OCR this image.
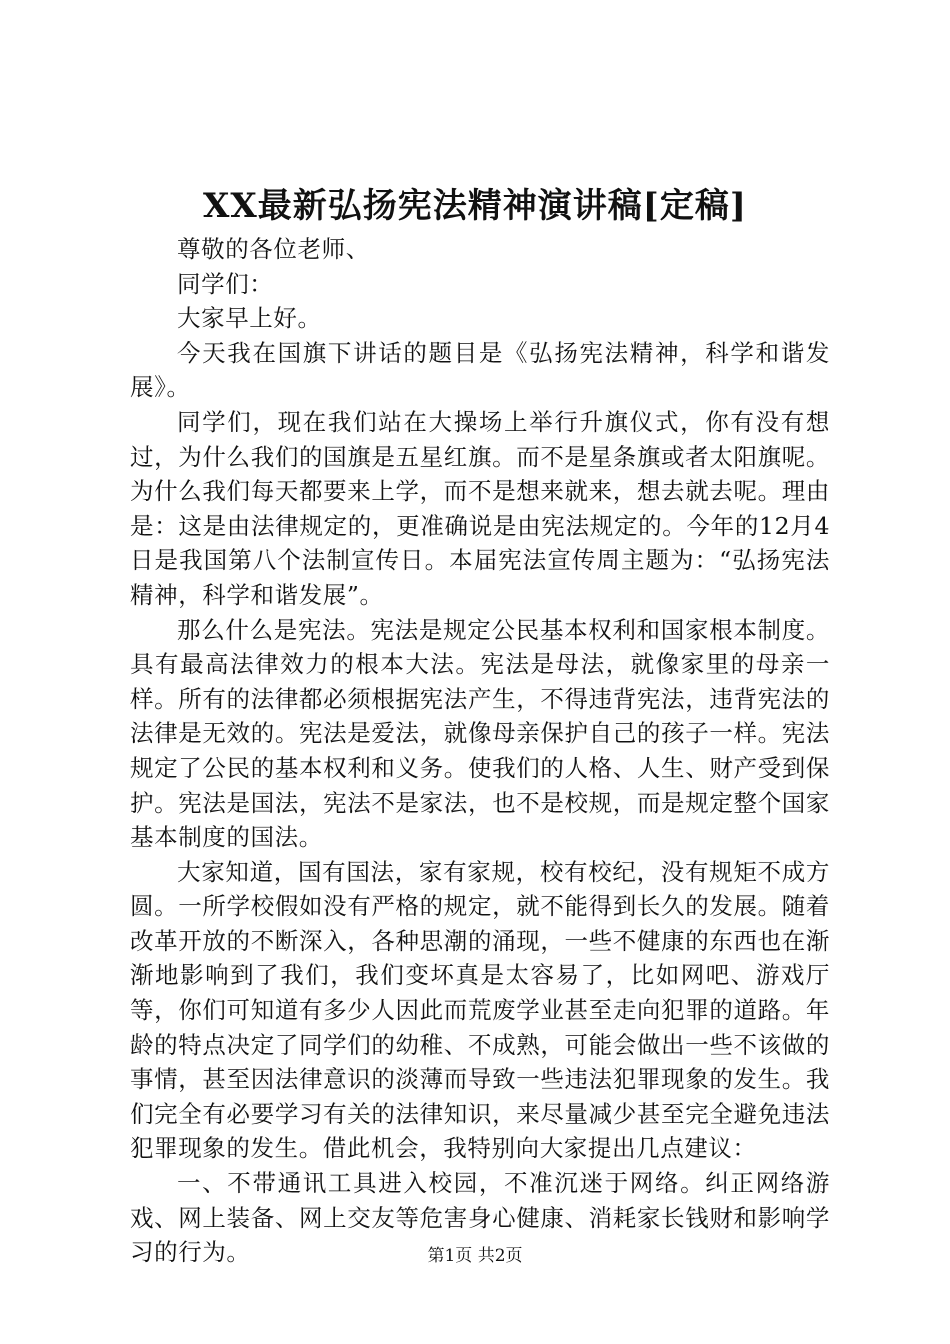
XX最新弘扬宪法精神演讲稿[定稿]

尊敬的各位老师、

同学们：

大家早上好。

今天我在国旗下讲话的题目是《弘扬宪法精神，科学和谐发展》。

同学们，现在我们站在大操场上举行升旗仪式，你有没有想过，为什么我们的国旗是五星红旗。而不是星条旗或者太阳旗呢。为什么我们每天都要来上学，而不是想来就来，想去就去呢。理由是：这是由法律规定的，更准确说是由宪法规定的。今年的12月4日是我国第八个法制宣传日。本届宪法宣传周主题为：“弘扬宪法精神，科学和谐发展”。

那么什么是宪法。宪法是规定公民基本权利和国家根本制度。具有最高法律效力的根本大法。宪法是母法，就像家里的母亲一样。所有的法律都必须根据宪法产生，不得违背宪法，违背宪法的法律是无效的。宪法是爱法，就像母亲保护自己的孩子一样。宪法规定了公民的基本权利和义务。使我们的人格、人生、财产受到保护。宪法是国法，宪法不是家法，也不是校规，而是规定整个国家基本制度的国法。

大家知道，国有国法，家有家规，校有校纪，没有规矩不成方圆。一所学校假如没有严格的规定，就不能得到长久的发展。随着改革开放的不断深入，各种思潮的涌现，一些不健康的东西也在渐渐地影响到了我们，我们变坏真是太容易了，比如网吧、游戏厅等，你们可知道有多少人因此而荒废学业甚至走向犯罪的道路。年龄的特点决定了同学们的幼稚、不成熟，可能会做出一些不该做的事情，甚至因法律意识的淡薄而导致一些违法犯罪现象的发生。我们完全有必要学习有关的法律知识，来尽量减少甚至完全避免违法犯罪现象的发生。借此机会，我特别向大家提出几点建议：

一、不带通讯工具进入校园，不准沉迷于网络。纠正网络游戏、网上装备、网上交友等危害身心健康、消耗家长钱财和影响学习的行为。	第1页 共2页
